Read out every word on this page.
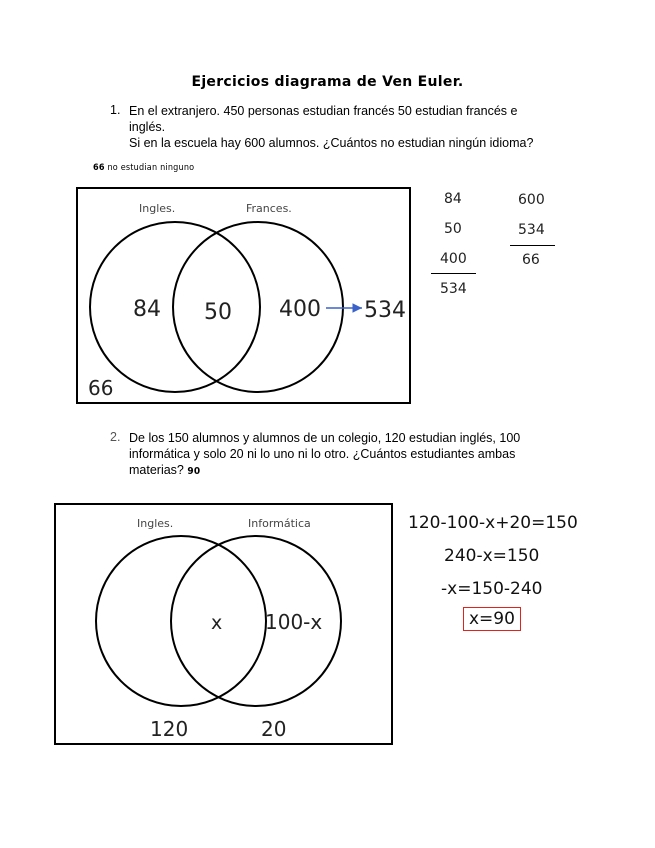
Ejercicios diagrama de Ven Euler.
1. En el extranjero. 450 personas estudian francés 50 estudian francés e
inglés.
Si en la escuela hay 600 alumnos. ¿Cuántos no estudian ningún idioma?
66 no estudian ninguno
Ingles.	Frances.
84 50 400 534
66
84
50
400
534
600
534
66
2. De los 150 alumnos y alumnos de un colegio, 120 estudian inglés, 100
informática y solo 20 ni lo uno ni lo otro. ¿Cuántos estudiantes ambas
materias? 90
Ingles.	Informática
x 100-x
120	20
120-100-x+20=150
240-x=150
-x=150-240
x=90
